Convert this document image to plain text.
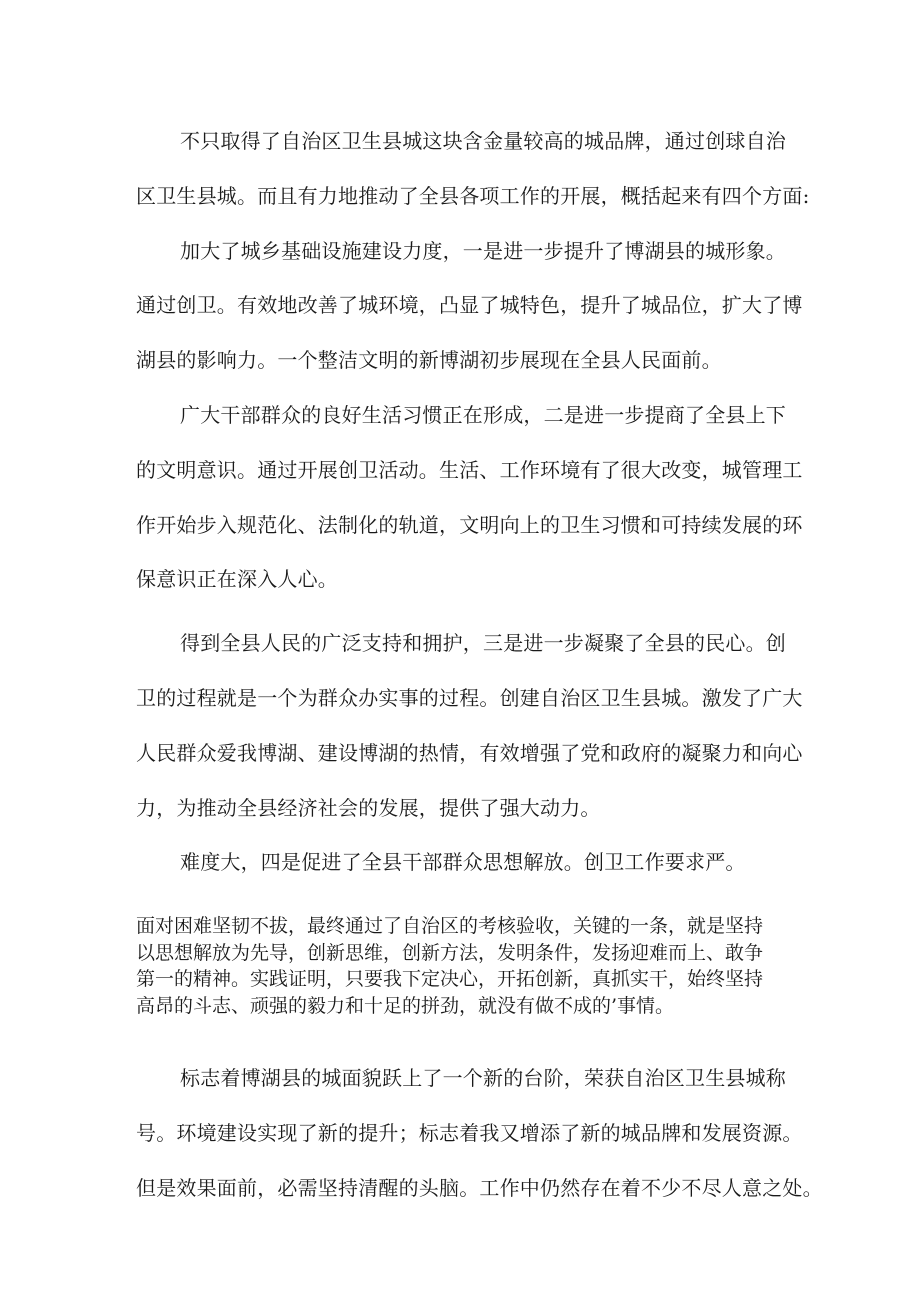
不只取得了自治区卫生县城这块含金量较高的城品牌，通过创球自治
区卫生县城。而且有力地推动了全县各项工作的开展，概括起来有四个方面:
加大了城乡基础设施建设力度，一是进一步提升了博湖县的城形象。
通过创卫。有效地改善了城环境，凸显了城特色，提升了城品位，扩大了博
湖县的影响力。一个整洁文明的新博湖初步展现在全县人民面前。
广大干部群众的良好生活习惯正在形成，二是进一步提商了全县上下
的文明意识。通过开展创卫活动。生活、工作环境有了很大改变，城管理工
作开始步入规范化、法制化的轨道，文明向上的卫生习惯和可持续发展的环
保意识正在深入人心。
得到全县人民的广泛支持和拥护，三是进一步凝聚了全县的民心。创
卫的过程就是一个为群众办实事的过程。创建自治区卫生县城。激发了广大
人民群众爱我博湖、建设博湖的热情，有效增强了党和政府的凝聚力和向心
力，为推动全县经济社会的发展，提供了强大动力。
难度大，四是促进了全县干部群众思想解放。创卫工作要求严。
面对困难坚韧不拔，最终通过了自治区的考核验收，关键的一条，就是坚持
以思想解放为先导，创新思维，创新方法，发明条件，发扬迎难而上、敢争
第一的精神。实践证明，只要我下定决心，开拓创新，真抓实干，始终坚持
高昂的斗志、顽强的毅力和十足的拼劲，就没有做不成的’事情。
标志着博湖县的城面貌跃上了一个新的台阶，荣获自治区卫生县城称
号。环境建设实现了新的提升；标志着我又增添了新的城品牌和发展资源。
但是效果面前，必需坚持清醒的头脑。工作中仍然存在着不少不尽人意之处。
